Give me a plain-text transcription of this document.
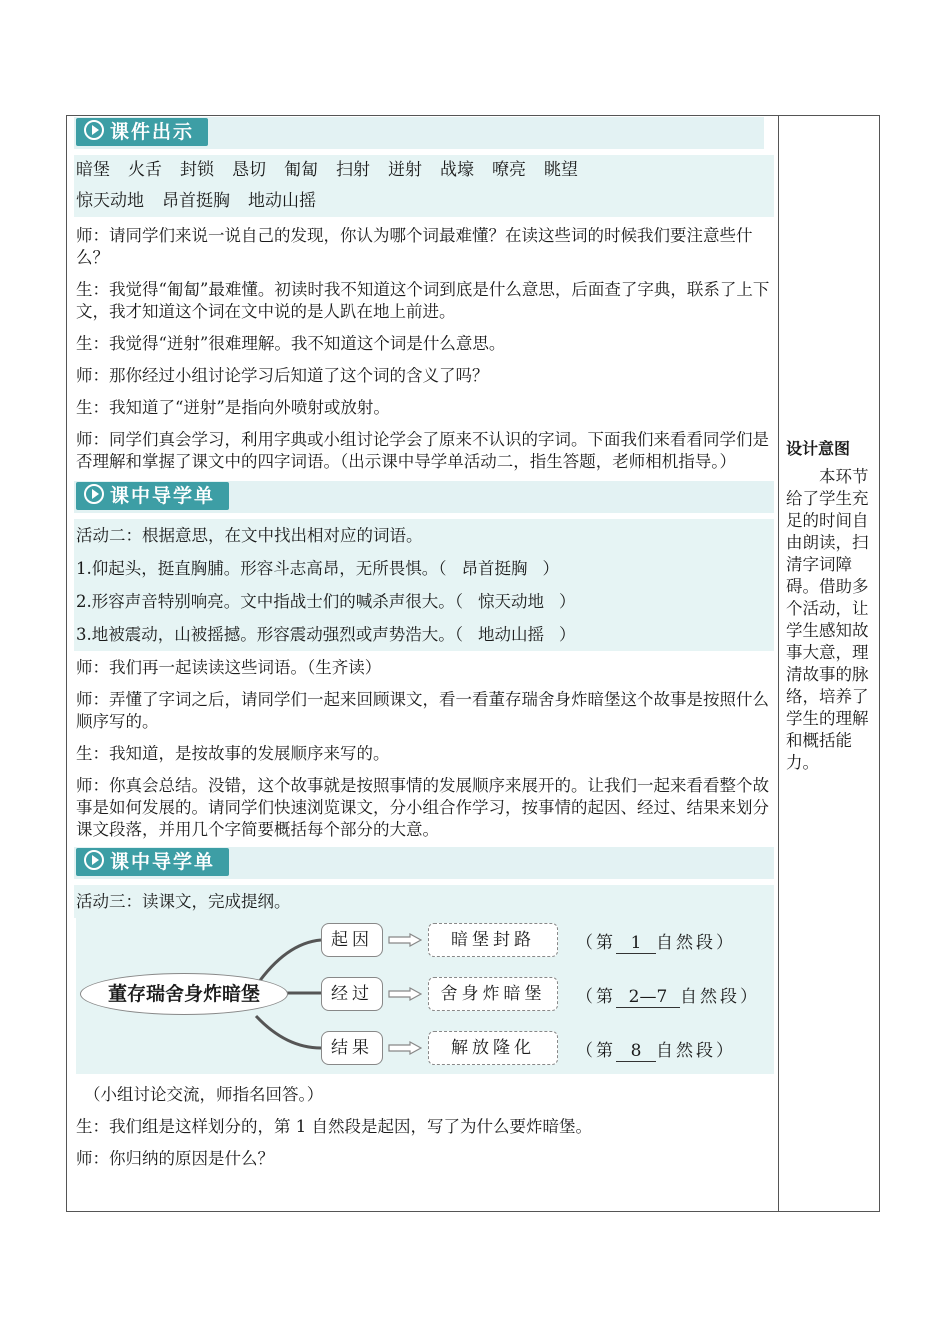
课件出示
暗堡 火舌 封锁 恳切 匍匐 扫射 迸射 战壕 嘹亮 眺望
惊天动地 昂首挺胸 地动山摇

师：请同学们来说一说自己的发现，你认为哪个词最难懂？在读这些词的时候我们要注意些什么？

生：我觉得“匍匐”最难懂。初读时我不知道这个词到底是什么意思，后面查了字典，联系了上下文，我才知道这个词在文中说的是人趴在地上前进。

生：我觉得“迸射”很难理解。我不知道这个词是什么意思。

师：那你经过小组讨论学习后知道了这个词的含义了吗？

生：我知道了“迸射”是指向外喷射或放射。

师：同学们真会学习，利用字典或小组讨论学会了原来不认识的字词。下面我们来看看同学们是否理解和掌握了课文中的四字词语。（出示课中导学单活动二，指生答题，老师相机指导。）

课中导学单
活动二：根据意思，在文中找出相对应的词语。
1.仰起头，挺直胸脯。形容斗志高昂，无所畏惧。（ 昂首挺胸 ）
2.形容声音特别响亮。文中指战士们的喊杀声很大。（ 惊天动地 ）
3.地被震动，山被摇撼。形容震动强烈或声势浩大。（ 地动山摇 ）

师：我们再一起读读这些词语。（生齐读）

师：弄懂了字词之后，请同学们一起来回顾课文，看一看董存瑞舍身炸暗堡这个故事是按照什么顺序写的。

生：我知道，是按故事的发展顺序来写的。

师：你真会总结。没错，这个故事就是按照事情的发展顺序来展开的。让我们一起来看看整个故事是如何发展的。请同学们快速浏览课文，分小组合作学习，按事情的起因、经过、结果来划分课文段落，并用几个字简要概括每个部分的大意。

课中导学单
活动三：读课文，完成提纲。
董存瑞舍身炸暗堡
起因	暗堡封路	（第 1 自然段）
经过	舍身炸暗堡	（第 2—7 自然段）
结果	解放隆化	（第 8 自然段）

（小组讨论交流，师指名回答。）

生：我们组是这样划分的，第 1 自然段是起因，写了为什么要炸暗堡。

师：你归纳的原因是什么？

设计意图
本环节给了学生充足的时间自由朗读，扫清字词障碍。借助多个活动，让学生感知故事大意，理清故事的脉络，培养了学生的理解和概括能力。
